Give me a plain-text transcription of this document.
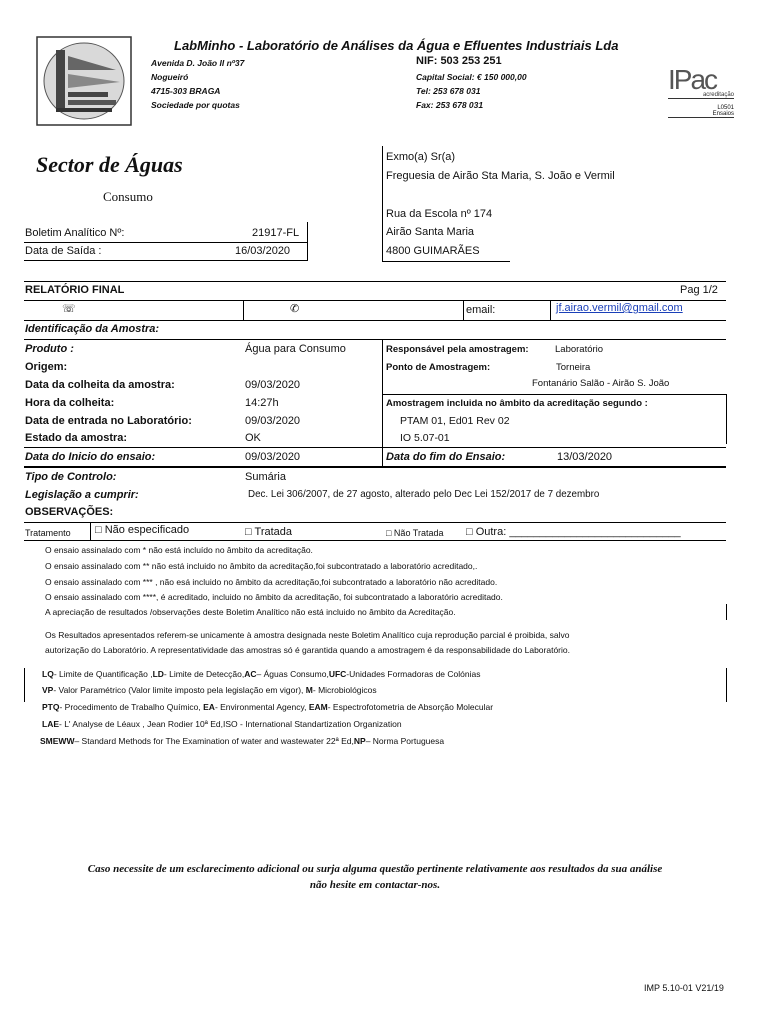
LabMinho - Laboratório de Análises da Água e Efluentes Industriais Lda
Avenida D. João II nº37
Nogueiró
4715-303 BRAGA
Sociedade por quotas
NIF: 503 253 251
Capital Social: € 150 000,00
Tel: 253 678 031
Fax: 253 678 031
IPac
acreditação
L0501
Ensaios
Sector de Águas
Consumo
Exmo(a) Sr(a)
Freguesia de Airão Sta Maria, S. João e Vermil
Rua da Escola nº 174
Airão Santa Maria
4800 GUIMARÃES
Boletim Analítico Nº:	21917-FL
Data de Saída :	16/03/2020
RELATÓRIO FINAL	Pag 1/2
☏	✆	email:	jf.airao.vermil@gmail.com
Identificação da Amostra:
Produto :	Água para Consumo
Origem:
Data da colheita da amostra:	09/03/2020
Hora da colheita:	14:27h
Data de entrada no Laboratório:	09/03/2020
Estado da amostra:	OK
Data do Inicio do ensaio:	09/03/2020
Responsável pela amostragem:	Laboratório
Ponto de Amostragem:	Torneira
Fontanário Salão - Airão S. João
Amostragem incluida no âmbito da acreditação segundo :
PTAM 01, Ed01 Rev 02
IO 5.07-01
Data do fim do Ensaio:	13/03/2020
Tipo de Controlo:	Sumária
Legislação a cumprir:	Dec. Lei 306/2007, de 27 agosto, alterado pelo Dec Lei 152/2017 de 7 dezembro
OBSERVAÇÕES:
Tratamento □ Não especificado	□ Tratada	□ Não Tratada □ Outra: ____________________________
O ensaio assinalado com * não está incluído no âmbito da acreditação.
O ensaio assinalado com ** não está incluido no âmbito da acreditação,foi subcontratado a laboratório acreditado,.
O ensaio assinalado com *** , não esá incluido no âmbito da acreditação,foi subcontratado a laboratório não acreditado.
O ensaio assinalado com ****, é acreditado, incluido no âmbito da acreditação, foi subcontratado a laboratório acreditado.
A apreciação de resultados /observações deste Boletim Analítico não está incluido no âmbito da Acreditação.
Os Resultados apresentados referem-se unicamente à amostra designada neste Boletim Analítico cuja reprodução parcial é proibida, salvo
autorização do Laboratório. A representatividade das amostras só é garantida quando a amostragem é da responsabilidade do Laboratório.
LQ- Limite de Quantificação ,LD- Limite de Detecção,AC– Águas Consumo,UFC-Unidades Formadoras de Colónias
VP- Valor Paramétrico (Valor limite imposto pela legislação em vigor), M- Microbiológicos
PTQ- Procedimento de Trabalho Químico, EA- Environmental Agency, EAM- Espectrofotometria de Absorção Molecular
LAE- L' Analyse de Léaux , Jean Rodier 10ª Ed,ISO - International Standartization Organization
SMEWW– Standard Methods for The Examination of water and wastewater 22ª Ed,NP– Norma Portuguesa
Caso necessite de um esclarecimento adicional ou surja alguma questão pertinente relativamente aos resultados da sua análise
não hesite em contactar-nos.
IMP 5.10-01 V21/19
